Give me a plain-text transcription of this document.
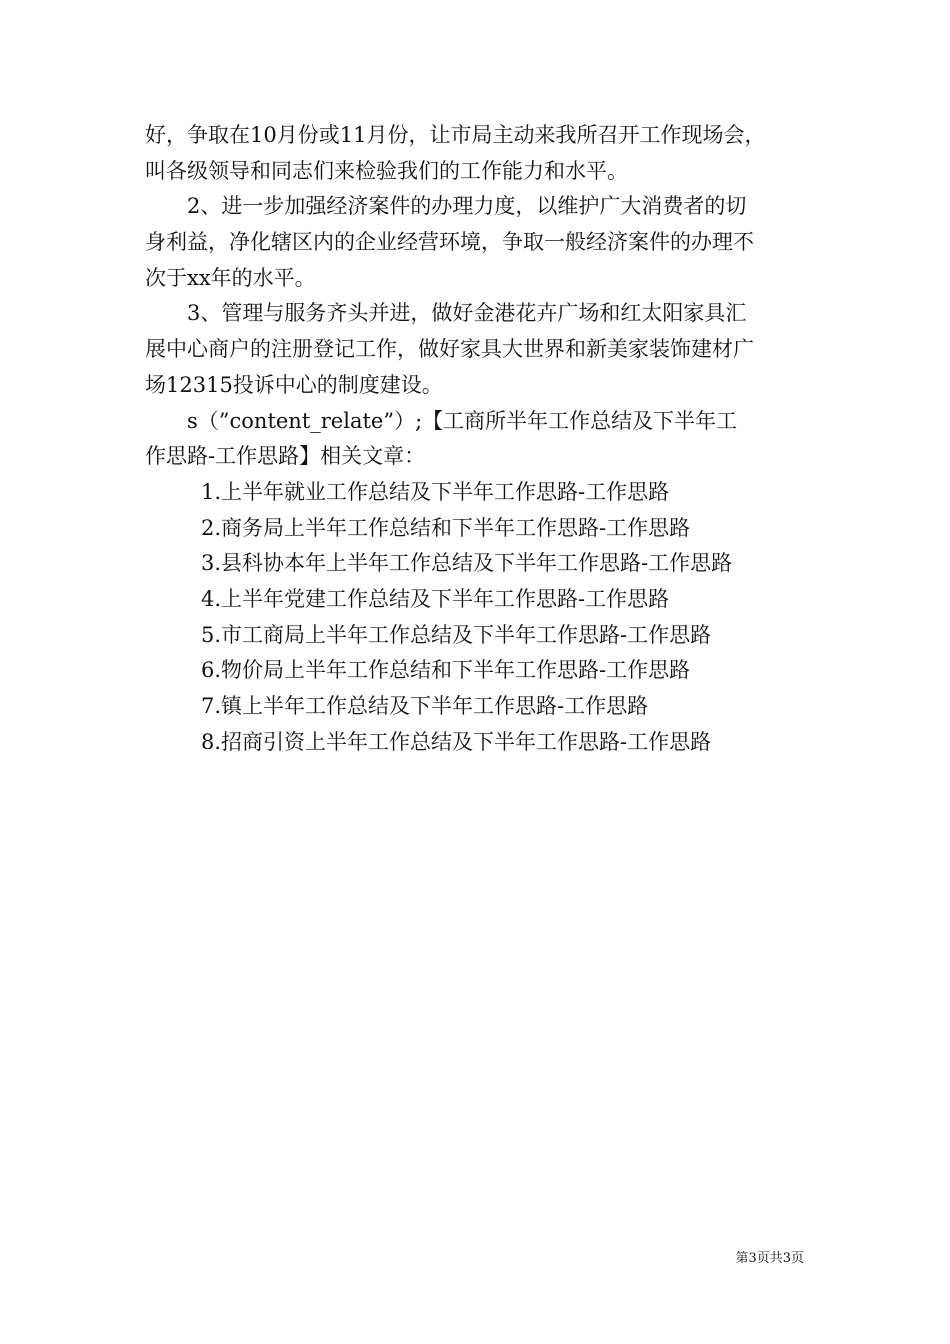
好，争取在10月份或11月份，让市局主动来我所召开工作现场会，
叫各级领导和同志们来检验我们的工作能力和水平。
2、进一步加强经济案件的办理力度，以维护广大消费者的切
身利益，净化辖区内的企业经营环境，争取一般经济案件的办理不
次于xx年的水平。
3、管理与服务齐头并进，做好金港花卉广场和红太阳家具汇
展中心商户的注册登记工作，做好家具大世界和新美家装饰建材广
场12315投诉中心的制度建设。
s（”content_relate”）;【工商所半年工作总结及下半年工
作思路-工作思路】相关文章：
1.上半年就业工作总结及下半年工作思路-工作思路
2.商务局上半年工作总结和下半年工作思路-工作思路
3.县科协本年上半年工作总结及下半年工作思路-工作思路
4.上半年党建工作总结及下半年工作思路-工作思路
5.市工商局上半年工作总结及下半年工作思路-工作思路
6.物价局上半年工作总结和下半年工作思路-工作思路
7.镇上半年工作总结及下半年工作思路-工作思路
8.招商引资上半年工作总结及下半年工作思路-工作思路
第3页共3页
